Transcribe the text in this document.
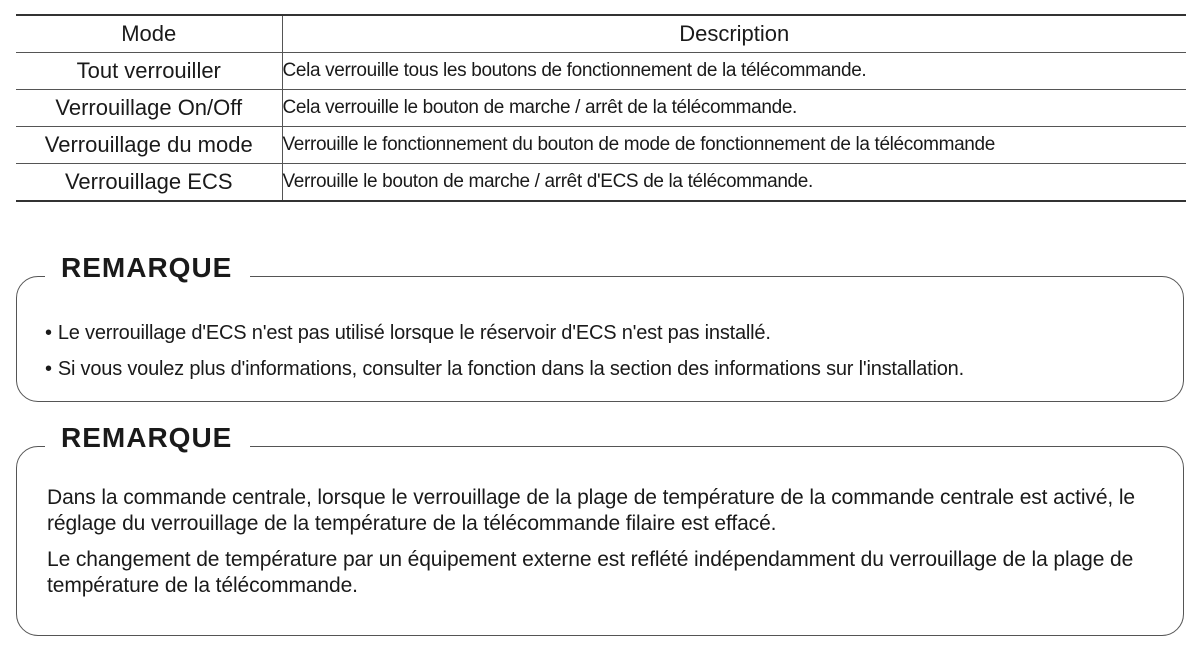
Mode	Description
Tout verrouiller	Cela verrouille tous les boutons de fonctionnement de la télécommande.
Verrouillage On/Off	Cela verrouille le bouton de marche / arrêt de la télécommande.
Verrouillage du mode	Verrouille le fonctionnement du bouton de mode de fonctionnement de la télécommande
Verrouillage ECS	Verrouille le bouton de marche / arrêt d'ECS de la télécommande.
REMARQUE
• Le verrouillage d'ECS n'est pas utilisé lorsque le réservoir d'ECS n'est pas installé.
• Si vous voulez plus d'informations, consulter la fonction dans la section des informations sur l'installation.
REMARQUE

Dans la commande centrale, lorsque le verrouillage de la plage de température de la commande centrale est activé, le réglage du verrouillage de la température de la télécommande filaire est effacé.

Le changement de température par un équipement externe est reflété indépendamment du verrouillage de la plage de température de la télécommande.
